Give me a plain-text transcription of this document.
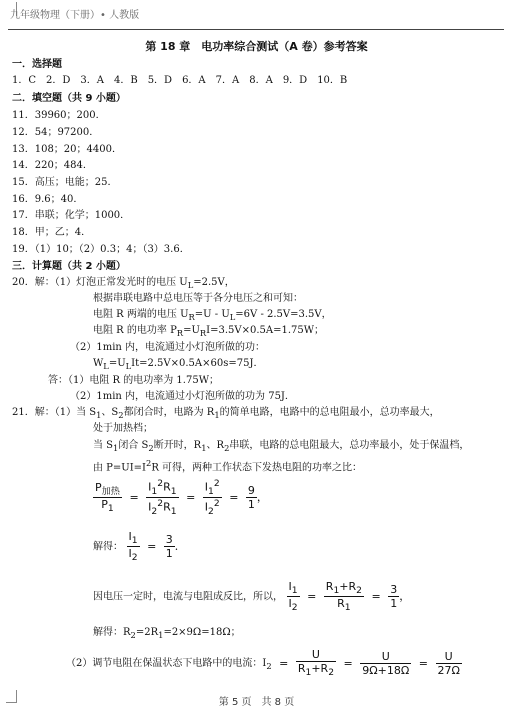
九年级物理（下册）• 人教版
第 18 章　电功率综合测试（A 卷）参考答案
一．选择题
1．C　2．D　3．A　4．B　5．D　6．A　7．A　8．A　9．D　10．B
二．填空题（共 9 小题）
11．39960；200．
12．54；97200．
13．108；20；4400．
14．220；484．
15．高压；电能；25．
16．9.6；40．
17．串联；化学；1000．
18．甲；乙；4．
19．（1）10；（2）0.3；4；（3）3.6．
三．计算题（共 2 小题）
20．解：（1）灯泡正常发光时的电压 $U_L=2.5V$，
根据串联电路中总电压等于各分电压之和可知：
电阻 R 两端的电压 $U_R=U - U_L=6V - 2.5V=3.5V$，
电阻 R 的电功率 $P_R=U_RI=3.5V\times 0.5A=1.75W$；
（2）1min 内，电流通过小灯泡所做的功：
$W_L=U_LIt=2.5V\times 0.5A\times 60s=75J$．
答：（1）电阻 R 的电功率为 1.75W；
（2）1min 内，电流通过小灯泡所做的功为 75J．
21．解：（1）当 $S_1$、$S_2$都闭合时，电路为 $R_1$的简单电路，电路中的总电阻最小，总功率最大，
处于加热档；
当 $S_1$闭合 $S_2$断开时，$R_1$、$R_2$串联，电路的总电阻最大，总功率最小，处于保温档，
由 $P=UI=I^2R$ 可得，两种工作状态下发热电阻的功率之比：
$\frac{P_{加热}}{P_1} = \frac{I_1^2R_1}{I_2^2R_1} = \frac{I_1^2}{I_2^2} = \frac{9}{1}$ ，
解得： $\frac{I_1}{I_2} = \frac{3}{1}$ ．
因电压一定时，电流与电阻成反比，所以， $\frac{I_1}{I_2} = \frac{R_1+R_2}{R_1} = \frac{3}{1}$ ，
解得：$R_2=2R_1=2\times 9\Omega=18\Omega$；
（2）调节电阻在保温状态下电路中的电流：$I_2 = \frac{U}{R_1+R_2} = \frac{U}{9\Omega+18\Omega} = \frac{U}{27\Omega}$
第 5 页　共 8 页
